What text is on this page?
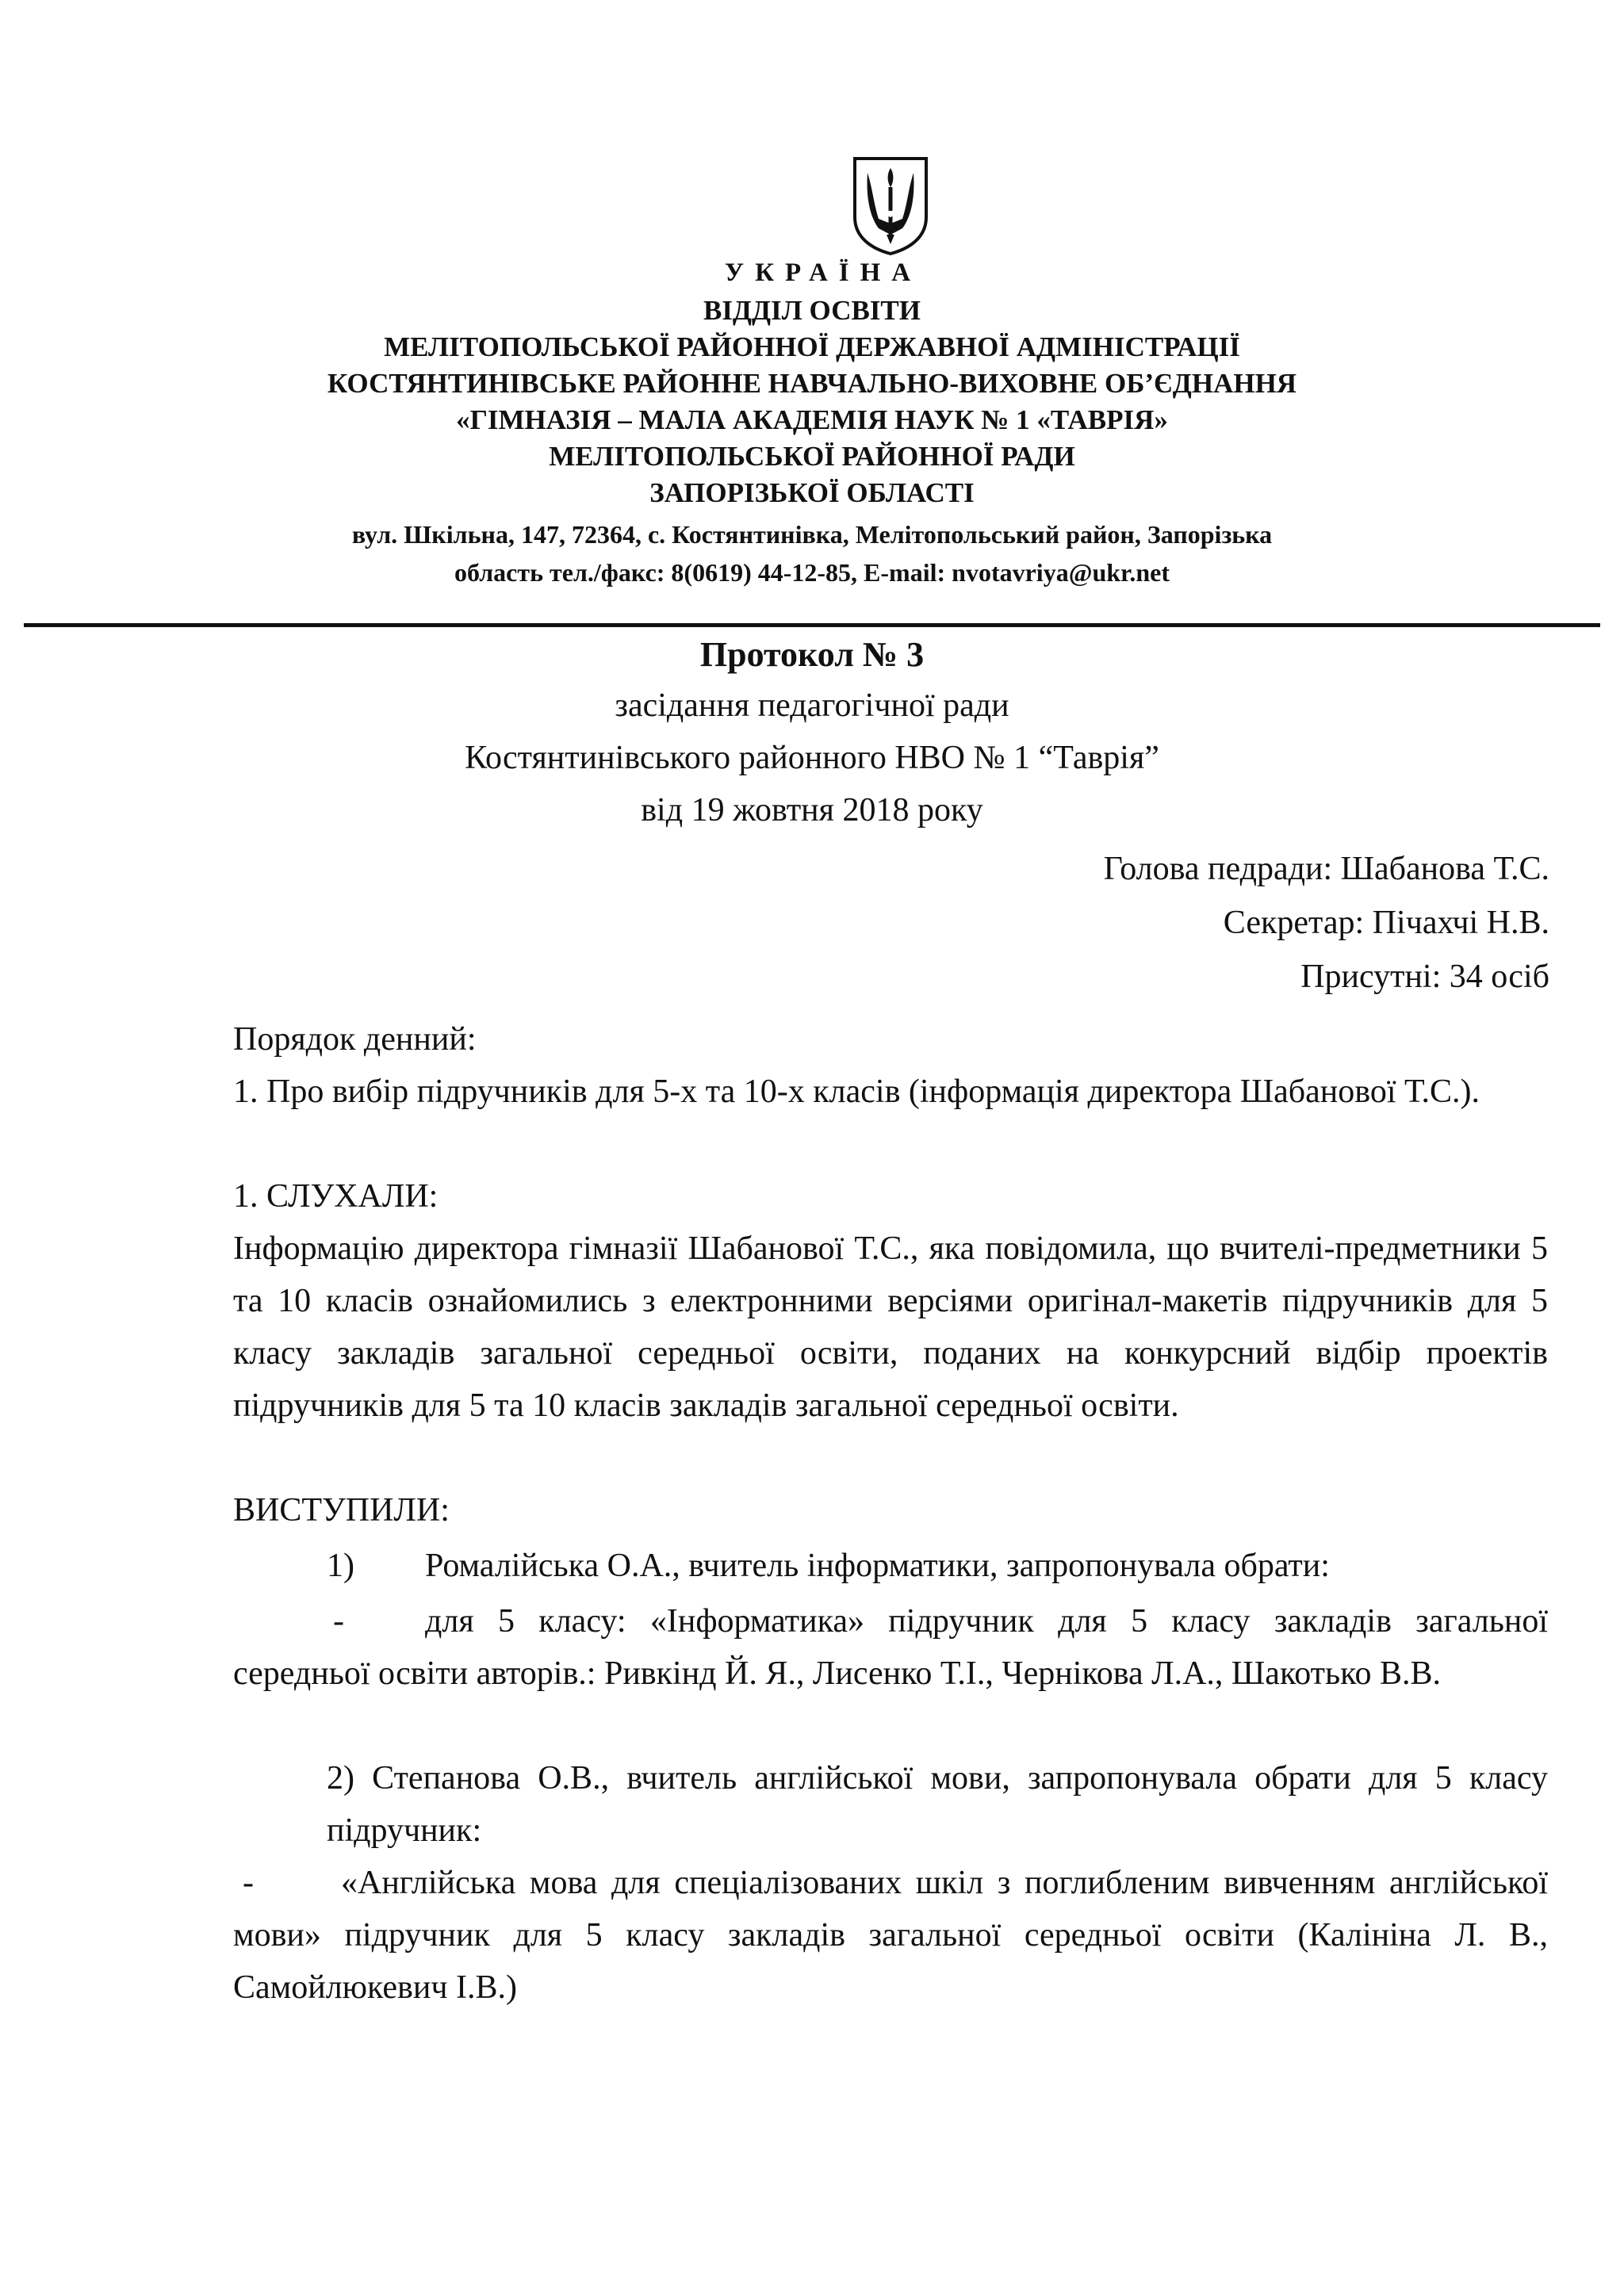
УКРАЇНА
ВІДДІЛ ОСВІТИ
МЕЛІТОПОЛЬСЬКОЇ РАЙОННОЇ ДЕРЖАВНОЇ АДМІНІСТРАЦІЇ
КОСТЯНТИНІВСЬКЕ РАЙОННЕ НАВЧАЛЬНО-ВИХОВНЕ ОБ’ЄДНАННЯ
«ГІМНАЗІЯ – МАЛА АКАДЕМІЯ НАУК № 1 «ТАВРІЯ»
МЕЛІТОПОЛЬСЬКОЇ РАЙОННОЇ РАДИ
ЗАПОРІЗЬКОЇ ОБЛАСТІ
вул. Шкільна, 147, 72364, с. Костянтинівка, Мелітопольський район, Запорізька
область тел./факс: 8(0619) 44-12-85, E-mail: nvotavriya@ukr.net
Протокол № 3
засідання педагогічної ради
Костянтинівського районного НВО № 1 “Таврія”
від 19 жовтня 2018 року
Голова педради: Шабанова Т.С.
Секретар: Пічахчі Н.В.
Присутні: 34 осіб

Порядок денний:

1. Про вибір підручників для 5-х та 10-х класів (інформація директора Шабанової Т.С.).

1. СЛУХАЛИ:

Інформацію директора гімназії Шабанової Т.С., яка повідомила, що вчителі-предметники 5 та 10 класів ознайомились з електронними версіями оригінал-макетів підручників для 5 класу закладів загальної середньої освіти, поданих на конкурсний відбір проектів підручників для 5 та 10 класів закладів загальної середньої освіти.

ВИСТУПИЛИ:

1) Ромалійська О.А., вчитель інформатики, запропонувала обрати:

- для 5 класу: «Інформатика» підручник для 5 класу закладів загальної середньої освіти авторів.: Ривкінд Й. Я., Лисенко Т.І., Чернікова Л.А., Шакотько В.В.

2) Степанова О.В., вчитель англійської мови, запропонувала обрати для 5 класу підручник:

-	«Англійська мова для спеціалізованих шкіл з поглибленим вивченням англійської мови» підручник для 5 класу закладів загальної середньої освіти (Калініна Л. В., Самойлюкевич І.В.)
